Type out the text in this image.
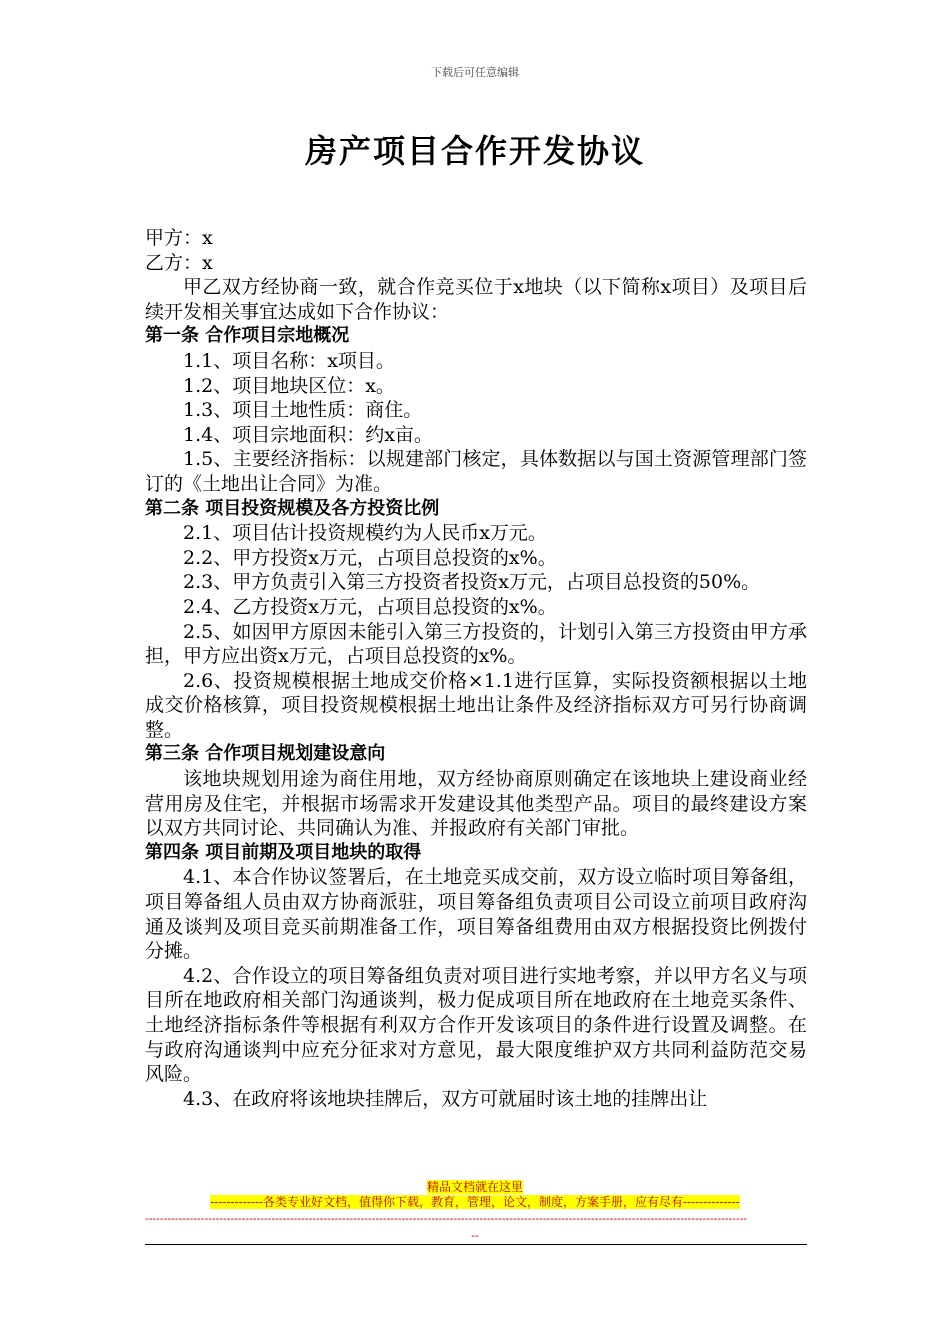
下载后可任意编辑
房产项目合作开发协议

甲方：x

乙方：x

甲乙双方经协商一致，就合作竞买位于x地块（以下简称x项目）及项目后续开发相关事宜达成如下合作协议：

第一条 合作项目宗地概况

1.1、项目名称：x项目。

1.2、项目地块区位：x。

1.3、项目土地性质：商住。

1.4、项目宗地面积：约x亩。

1.5、主要经济指标：以规建部门核定，具体数据以与国土资源管理部门签订的《土地出让合同》为准。

第二条 项目投资规模及各方投资比例

2.1、项目估计投资规模约为人民币x万元。

2.2、甲方投资x万元，占项目总投资的x%。

2.3、甲方负责引入第三方投资者投资x万元，占项目总投资的50%。

2.4、乙方投资x万元，占项目总投资的x%。

2.5、如因甲方原因未能引入第三方投资的，计划引入第三方投资由甲方承担，甲方应出资x万元，占项目总投资的x%。

2.6、投资规模根据土地成交价格×1.1进行匡算，实际投资额根据以土地成交价格核算，项目投资规模根据土地出让条件及经济指标双方可另行协商调整。

第三条 合作项目规划建设意向

该地块规划用途为商住用地，双方经协商原则确定在该地块上建设商业经营用房及住宅，并根据市场需求开发建设其他类型产品。项目的最终建设方案以双方共同讨论、共同确认为准、并报政府有关部门审批。

第四条 项目前期及项目地块的取得

4.1、本合作协议签署后，在土地竞买成交前，双方设立临时项目筹备组，项目筹备组人员由双方协商派驻，项目筹备组负责项目公司设立前项目政府沟通及谈判及项目竞买前期准备工作，项目筹备组费用由双方根据投资比例拨付分摊。

4.2、合作设立的项目筹备组负责对项目进行实地考察，并以甲方名义与项目所在地政府相关部门沟通谈判，极力促成项目所在地政府在土地竞买条件、土地经济指标条件等根据有利双方合作开发该项目的条件进行设置及调整。在与政府沟通谈判中应充分征求对方意见，最大限度维护双方共同利益防范交易风险。

4.3、在政府将该地块挂牌后，双方可就届时该土地的挂牌出让

精品文档就在这里
-------------各类专业好文档，值得你下载，教育，管理，论文，制度，方案手册，应有尽有--------------
------------------------------------------------------------------------------------------------------------------------------------------------------------------
--
